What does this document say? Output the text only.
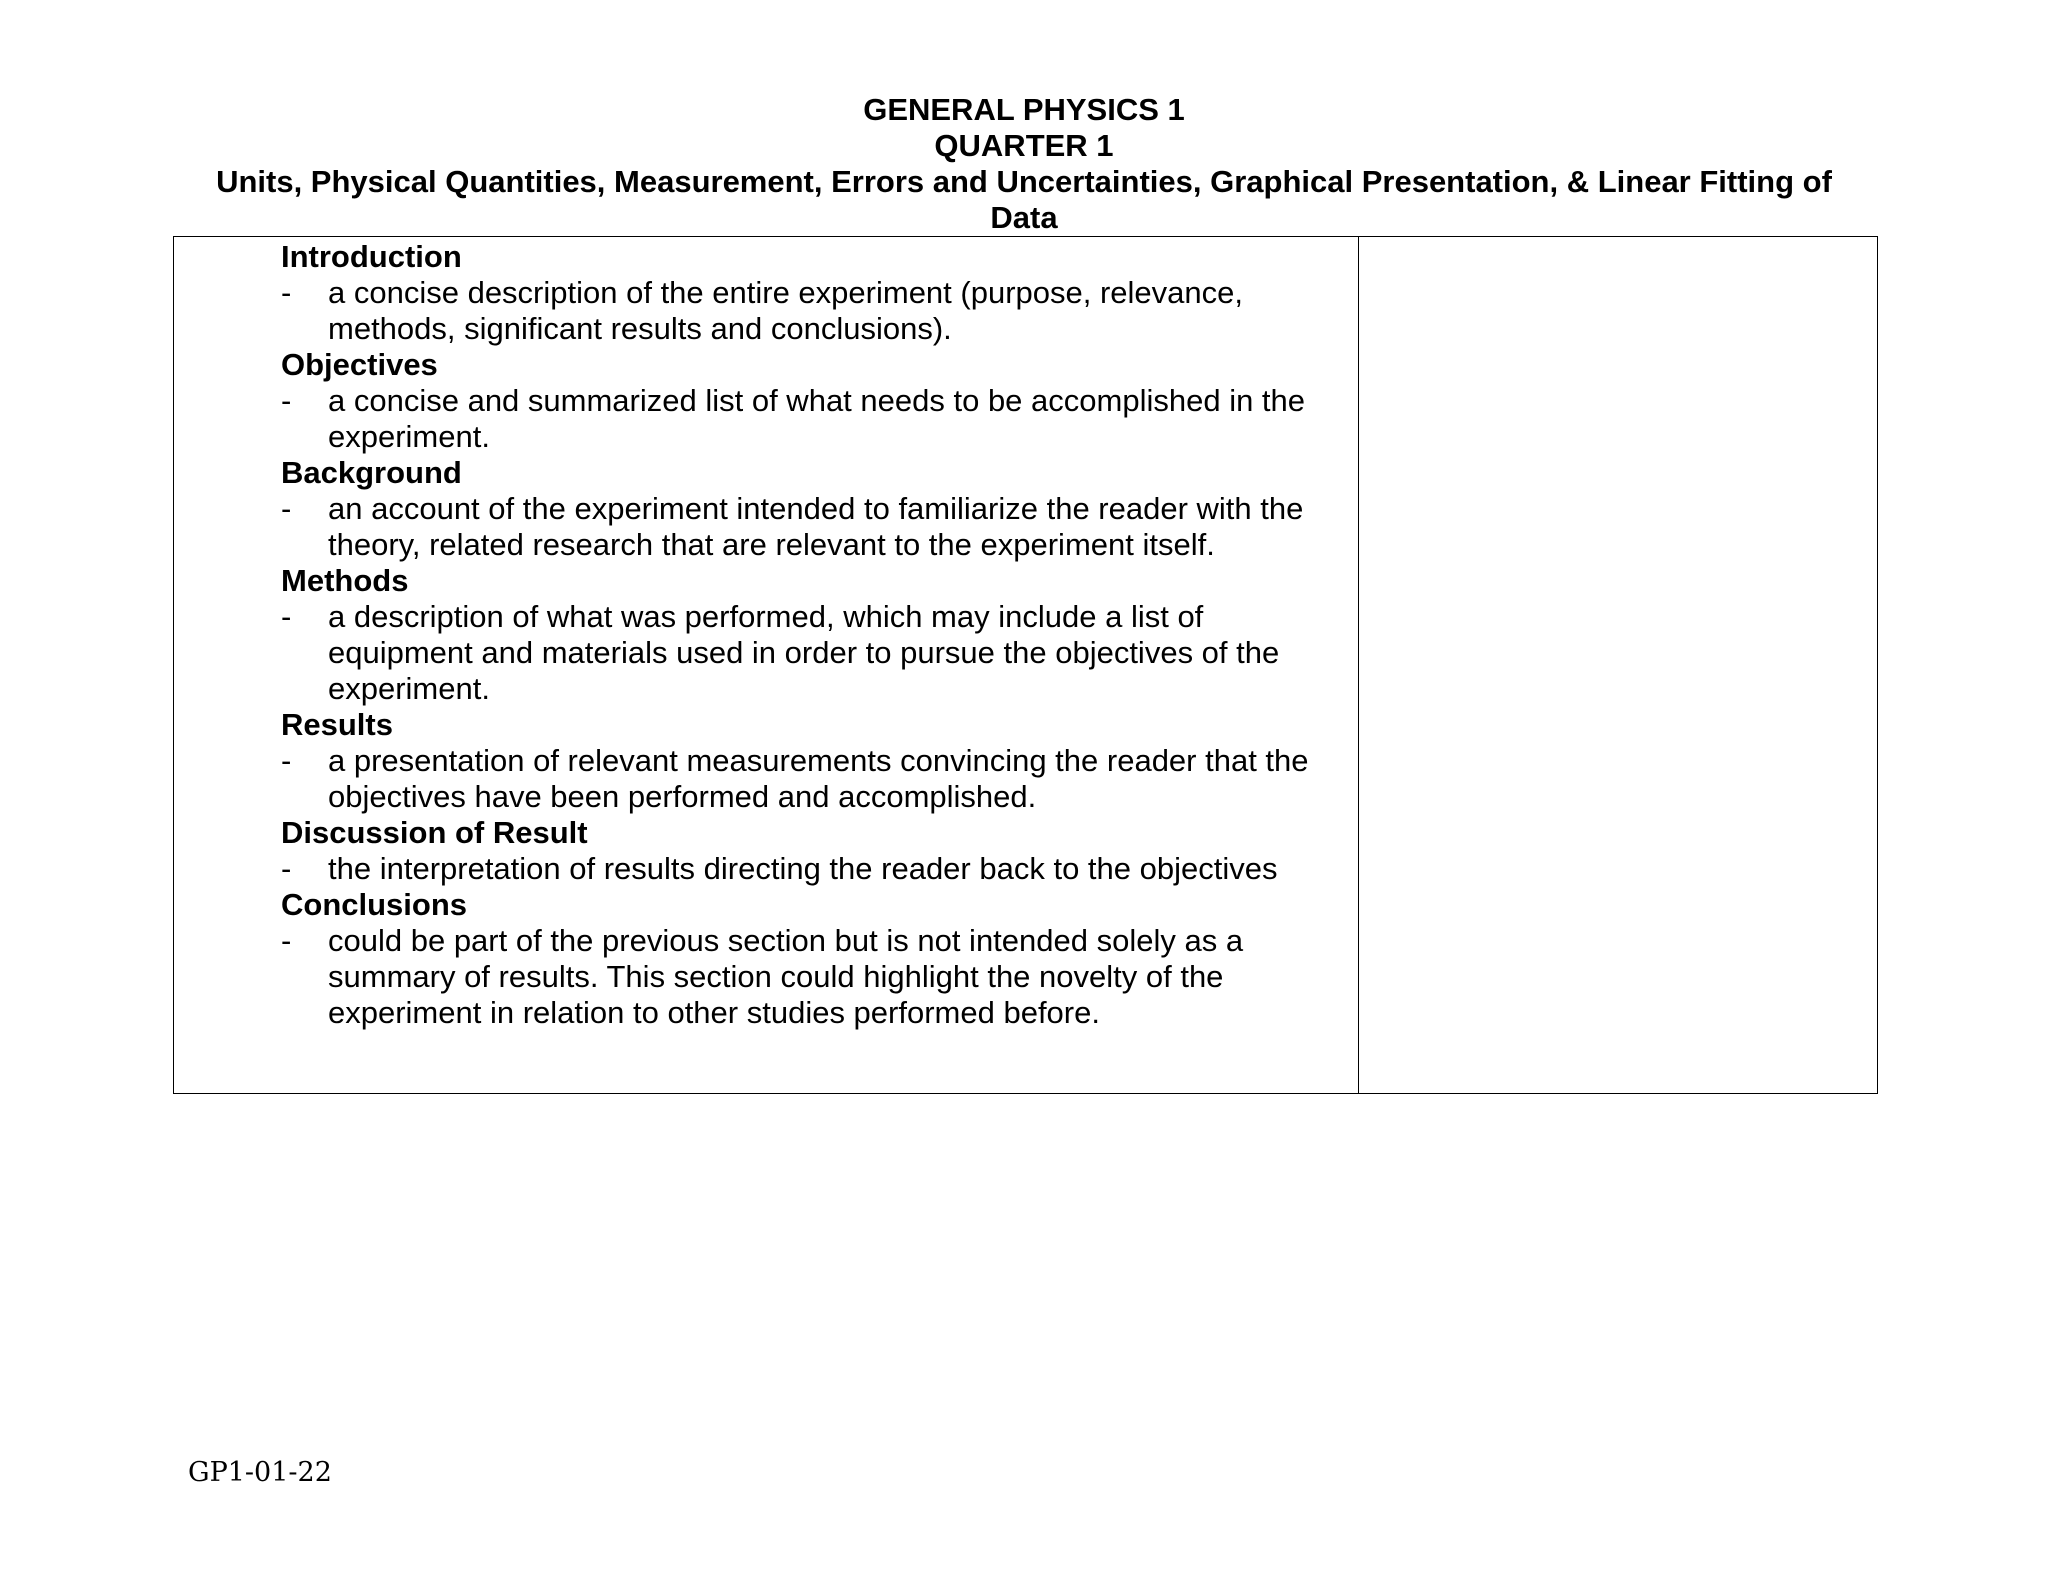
GENERAL PHYSICS 1
QUARTER 1
Units, Physical Quantities, Measurement, Errors and Uncertainties, Graphical Presentation, & Linear Fitting of
Data
Introduction
-	a concise description of the entire experiment (purpose, relevance,
methods, significant results and conclusions).
Objectives
-	a concise and summarized list of what needs to be accomplished in the
experiment.
Background
-	an account of the experiment intended to familiarize the reader with the
theory, related research that are relevant to the experiment itself.
Methods
-	a description of what was performed, which may include a list of
equipment and materials used in order to pursue the objectives of the
experiment.
Results
-	a presentation of relevant measurements convincing the reader that the
objectives have been performed and accomplished.
Discussion of Result
-	the interpretation of results directing the reader back to the objectives
Conclusions
-	could be part of the previous section but is not intended solely as a
summary of results. This section could highlight the novelty of the
experiment in relation to other studies performed before.

GP1-01-22
